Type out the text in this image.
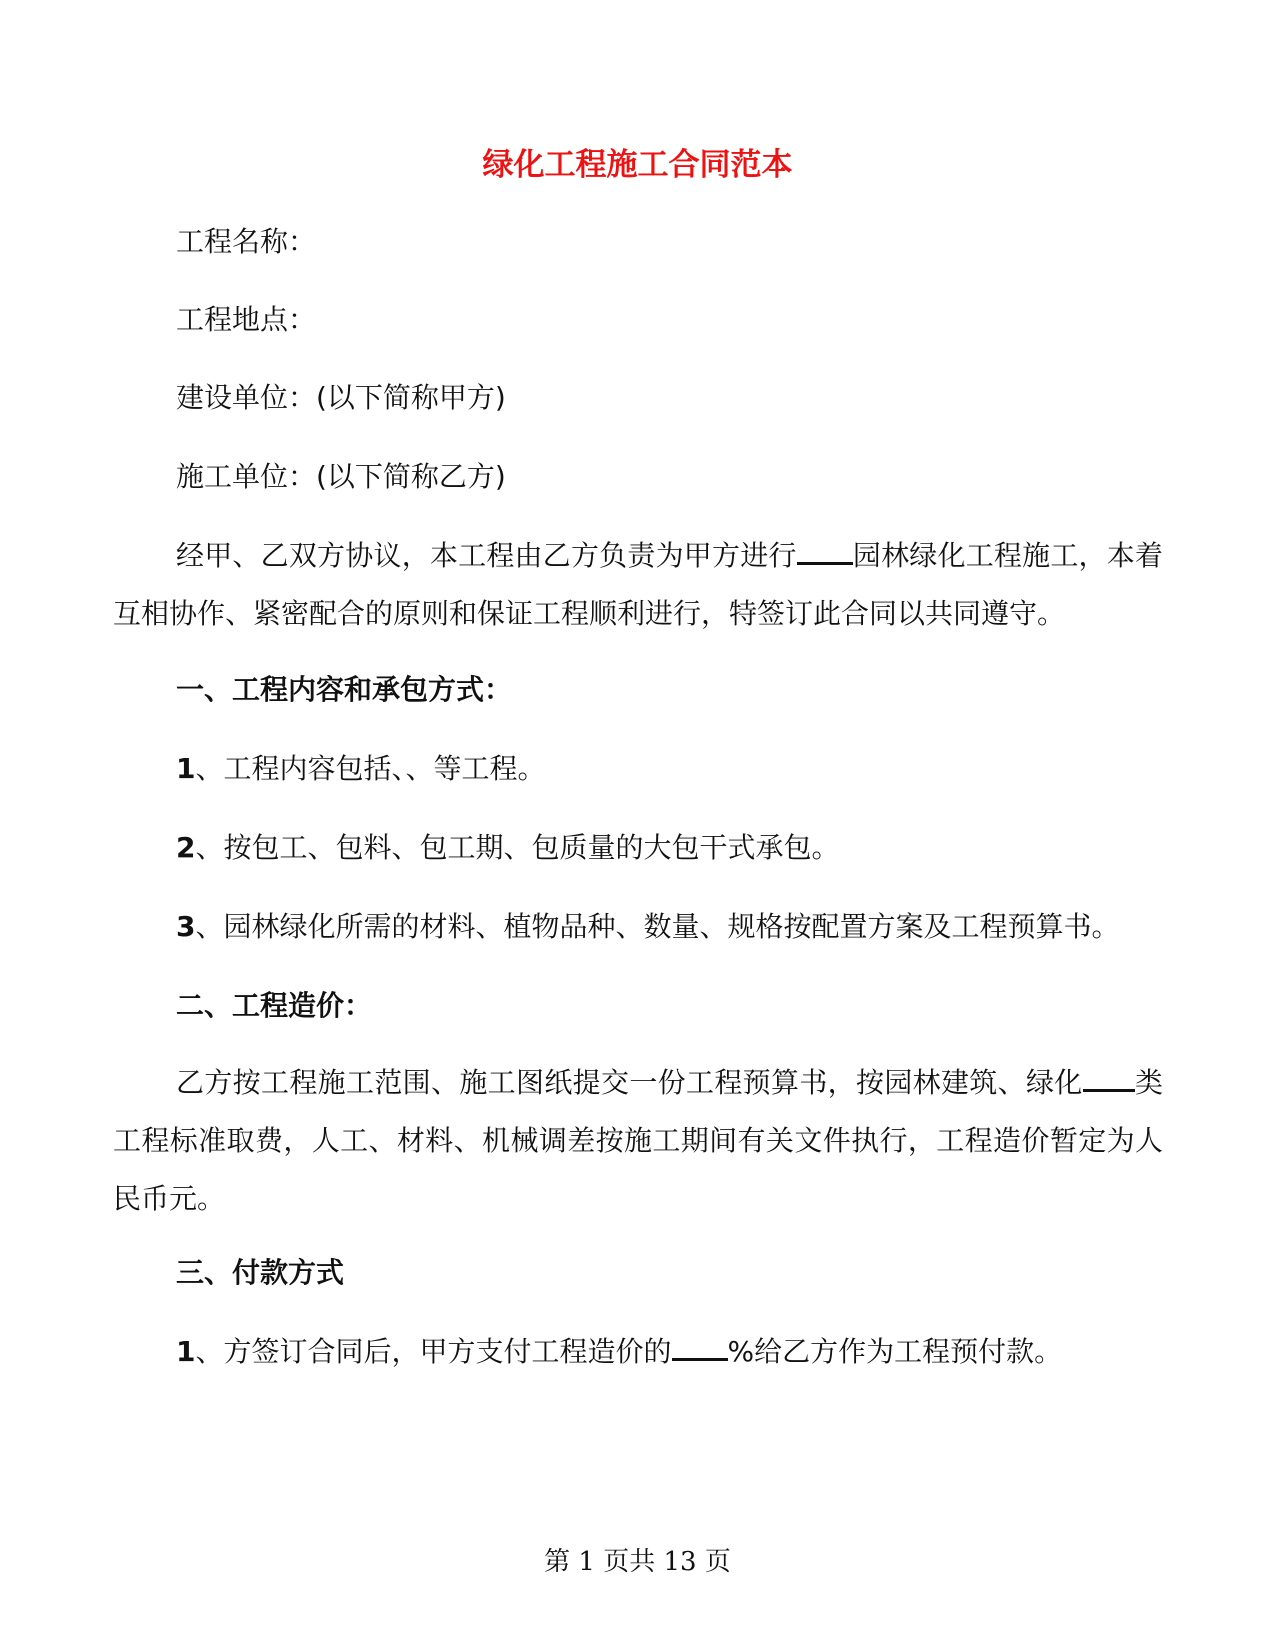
绿化工程施工合同范本
工程名称：
工程地点：
建设单位：(以下简称甲方)
施工单位：(以下简称乙方)
经甲、乙双方协议，本工程由乙方负责为甲方进行 园林绿化工程施工，本着互相协作、紧密配合的原则和保证工程顺利进行，特签订此合同以共同遵守。
一、工程内容和承包方式：
1、工程内容包括、、等工程。
2、按包工、包料、包工期、包质量的大包干式承包。
3、园林绿化所需的材料、植物品种、数量、规格按配置方案及工程预算书。
二、工程造价：
乙方按工程施工范围、施工图纸提交一份工程预算书，按园林建筑、绿化 类工程标准取费，人工、材料、机械调差按施工期间有关文件执行，工程造价暂定为人民币元。
三、付款方式
1、方签订合同后，甲方支付工程造价的 %给乙方作为工程预付款。
第 1 页共 13 页
